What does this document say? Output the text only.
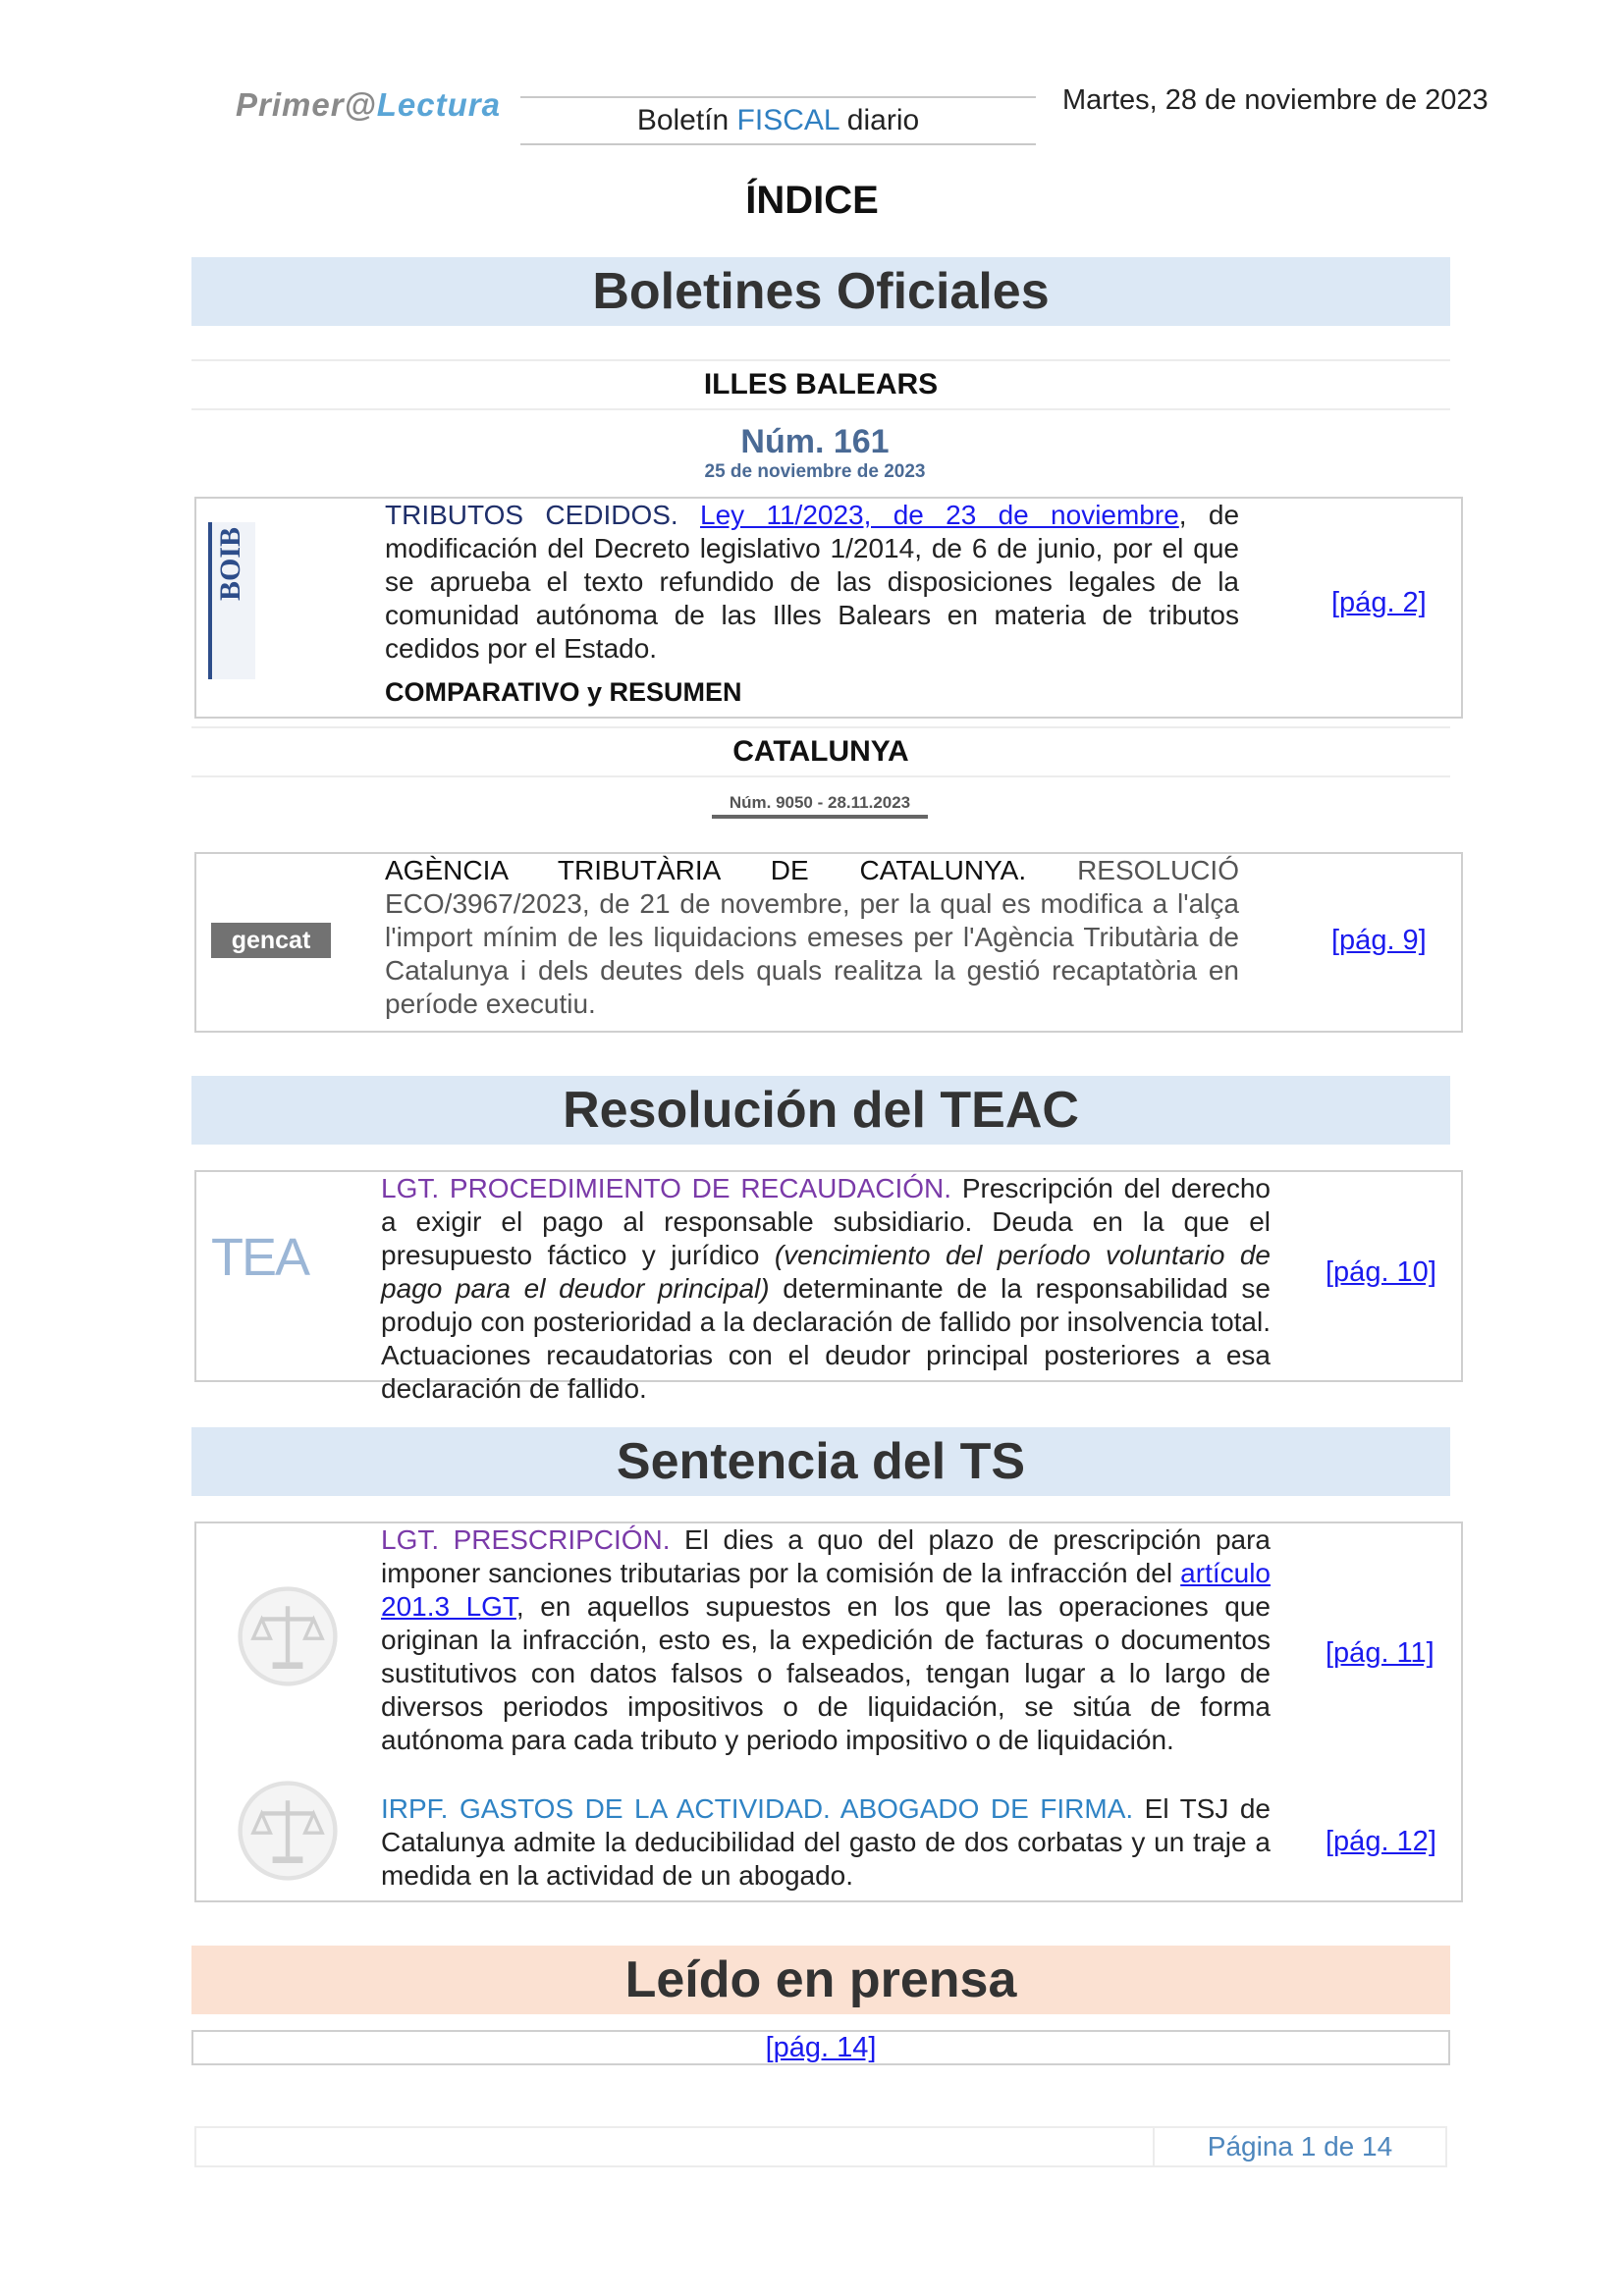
Primer@Lectura	Boletín FISCAL diario
Martes, 28 de noviembre de 2023
ÍNDICE
Boletines Oficiales
ILLES BALEARS
Núm. 161
25 de noviembre de 2023
BOIB
TRIBUTOS CEDIDOS. Ley 11/2023, de 23 de noviembre, de modificación del Decreto legislativo 1/2014, de 6 de junio, por el que se aprueba el texto refundido de las disposiciones legales de la comunidad autónoma de las Illes Balears en materia de tributos cedidos por el Estado.
COMPARATIVO y RESUMEN
[pág. 2]
CATALUNYA
Núm. 9050 - 28.11.2023
gencat
AGÈNCIA TRIBUTÀRIA DE CATALUNYA. RESOLUCIÓ ECO/3967/2023, de 21 de novembre, per la qual es modifica a l'alça l'import mínim de les liquidacions emeses per l'Agència Tributària de Catalunya i dels deutes dels quals realitza la gestió recaptatòria en període executiu.
[pág. 9]
Resolución del TEAC
TEA
LGT. PROCEDIMIENTO DE RECAUDACIÓN. Prescripción del derecho a exigir el pago al responsable subsidiario. Deuda en la que el presupuesto fáctico y jurídico (vencimiento del período voluntario de pago para el deudor principal) determinante de la responsabilidad se produjo con posterioridad a la declaración de fallido por insolvencia total. Actuaciones recaudatorias con el deudor principal posteriores a esa declaración de fallido.
[pág. 10]
Sentencia del TS
LGT. PRESCRIPCIÓN. El dies a quo del plazo de prescripción para imponer sanciones tributarias por la comisión de la infracción del artículo 201.3 LGT, en aquellos supuestos en los que las operaciones que originan la infracción, esto es, la expedición de facturas o documentos sustitutivos con datos falsos o falseados, tengan lugar a lo largo de diversos periodos impositivos o de liquidación, se sitúa de forma autónoma para cada tributo y periodo impositivo o de liquidación.
[pág. 11]
IRPF. GASTOS DE LA ACTIVIDAD. ABOGADO DE FIRMA. El TSJ de Catalunya admite la deducibilidad del gasto de dos corbatas y un traje a medida en la actividad de un abogado.
[pág. 12]
Leído en prensa
[pág. 14]
Página 1 de 14
